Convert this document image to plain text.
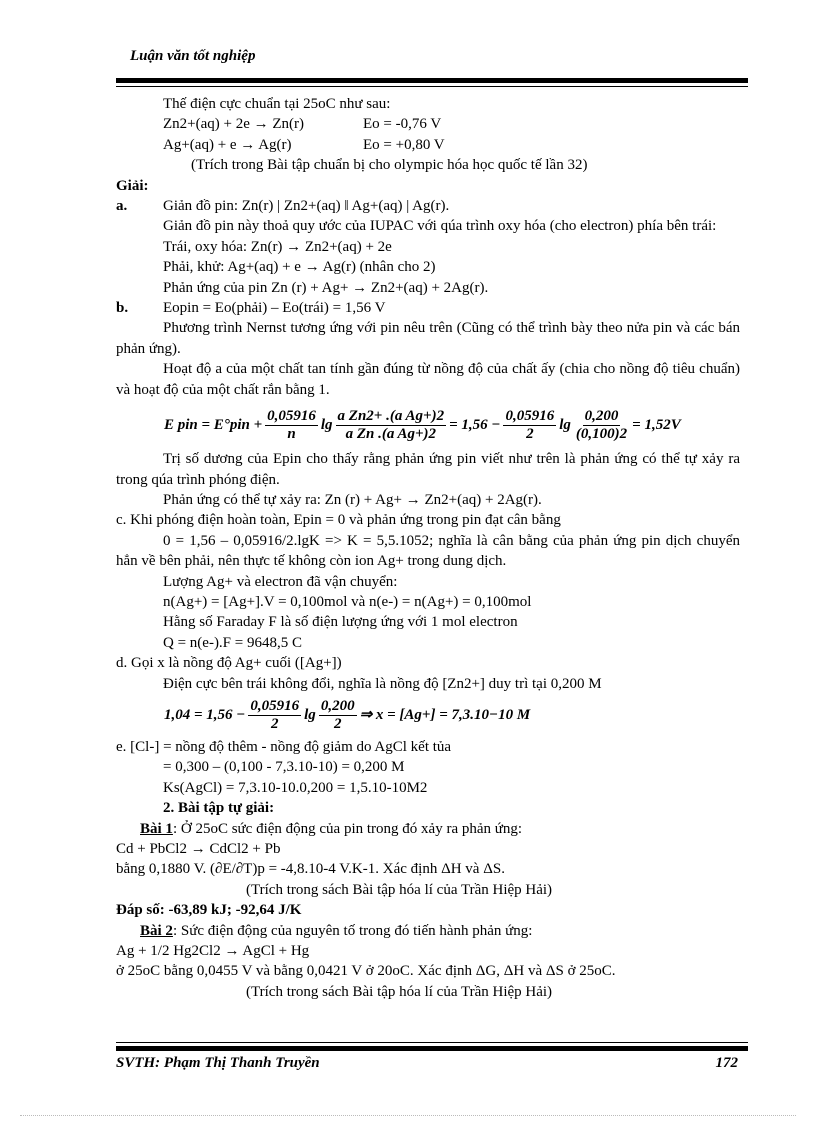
Luận văn tốt nghiệp

Thế điện cực chuẩn tại 25oC như sau:

Zn2+(aq) + 2e → Zn(r)	Eo = -0,76 V

Ag+(aq) + e → Ag(r)	Eo = +0,80 V

(Trích trong Bài tập chuẩn bị cho olympic hóa học quốc tế lần 32)

Giải:

a. Giản đồ pin: Zn(r) | Zn2+(aq) ‖ Ag+(aq) | Ag(r).

Giản đồ pin này thoả quy ước của IUPAC với qúa trình oxy hóa (cho electron) phía bên trái:

Trái, oxy hóa: Zn(r) → Zn2+(aq) + 2e

Phải, khử: Ag+(aq) + e → Ag(r) (nhân cho 2)

Phản ứng của pin Zn (r) + Ag+ → Zn2+(aq) + 2Ag(r).

b. Eopin = Eo(phải) – Eo(trái) = 1,56 V

Phương trình Nernst tương ứng với pin nêu trên (Cũng có thể trình bày theo nửa pin và các bán phản ứng).

Hoạt độ a của một chất tan tính gần đúng từ nồng độ của chất ấy (chia cho nồng độ tiêu chuẩn) và hoạt độ của một chất rắn bằng 1.

E pin = $E^\circ pin + \frac{0,05916}{n}$ $\lg \frac{\text{a Zn2+ .(a Ag+)2}}{\text{a Zn .(a Ag+)2}} = 1,56 - \frac{0,05916}{2}$ $\lg \frac{0,200}{(0,100)2} = 1,52V$

Trị số dương của Epin cho thấy rằng phản ứng pin viết như trên là phản ứng có thể tự xảy ra trong qúa trình phóng điện.

Phản ứng có thể tự xảy ra: Zn (r) + Ag+ → Zn2+(aq) + 2Ag(r).

c. Khi phóng điện hoàn toàn, Epin = 0 và phản ứng trong pin đạt cân bằng

0 = 1,56 – 0,05916/2.lgK => K = 5,5.1052; nghĩa là cân bằng của phản ứng pin dịch chuyển hẳn về bên phải, nên thực tế không còn ion Ag+ trong dung dịch.

Lượng Ag+ và electron đã vận chuyển:

n(Ag+) = [Ag+].V = 0,100mol và n(e-) = n(Ag+) = 0,100mol

Hằng số Faraday F là số điện lượng ứng với 1 mol electron

Q = n(e-).F = 9648,5 C

d. Gọi x là nồng độ Ag+ cuối ([Ag+])

Điện cực bên trái không đổi, nghĩa là nồng độ [Zn2+] duy trì tại 0,200 M

$1,04 = 1,56 - \frac{0,05916}{2}$ $\lg \frac{0,200}{2}$ ⇒ x = [Ag+] = 7,3.10−10 M

e. [Cl-] = nồng độ thêm - nồng độ giảm do AgCl kết tủa

= 0,300 – (0,100 - 7,3.10-10) = 0,200 M

Ks(AgCl) = 7,3.10-10.0,200 = 1,5.10-10M2

2. Bài tập tự giải:

Bài 1: Ở 25oC sức điện động của pin trong đó xảy ra phản ứng:

Cd + PbCl2 → CdCl2 + Pb

bằng 0,1880 V. (∂E/∂T)p = -4,8.10-4 V.K-1. Xác định ΔH và ΔS.

(Trích trong sách Bài tập hóa lí của Trần Hiệp Hải)

Đáp số: -63,89 kJ; -92,64 J/K

Bài 2: Sức điện động của nguyên tố trong đó tiến hành phản ứng:

Ag + 1/2 Hg2Cl2 → AgCl + Hg

ở 25oC bằng 0,0455 V và bằng 0,0421 V ở 20oC. Xác định ΔG, ΔH và ΔS ở 25oC.

(Trích trong sách Bài tập hóa lí của Trần Hiệp Hải)

SVTH: Phạm Thị Thanh Truyền	172
